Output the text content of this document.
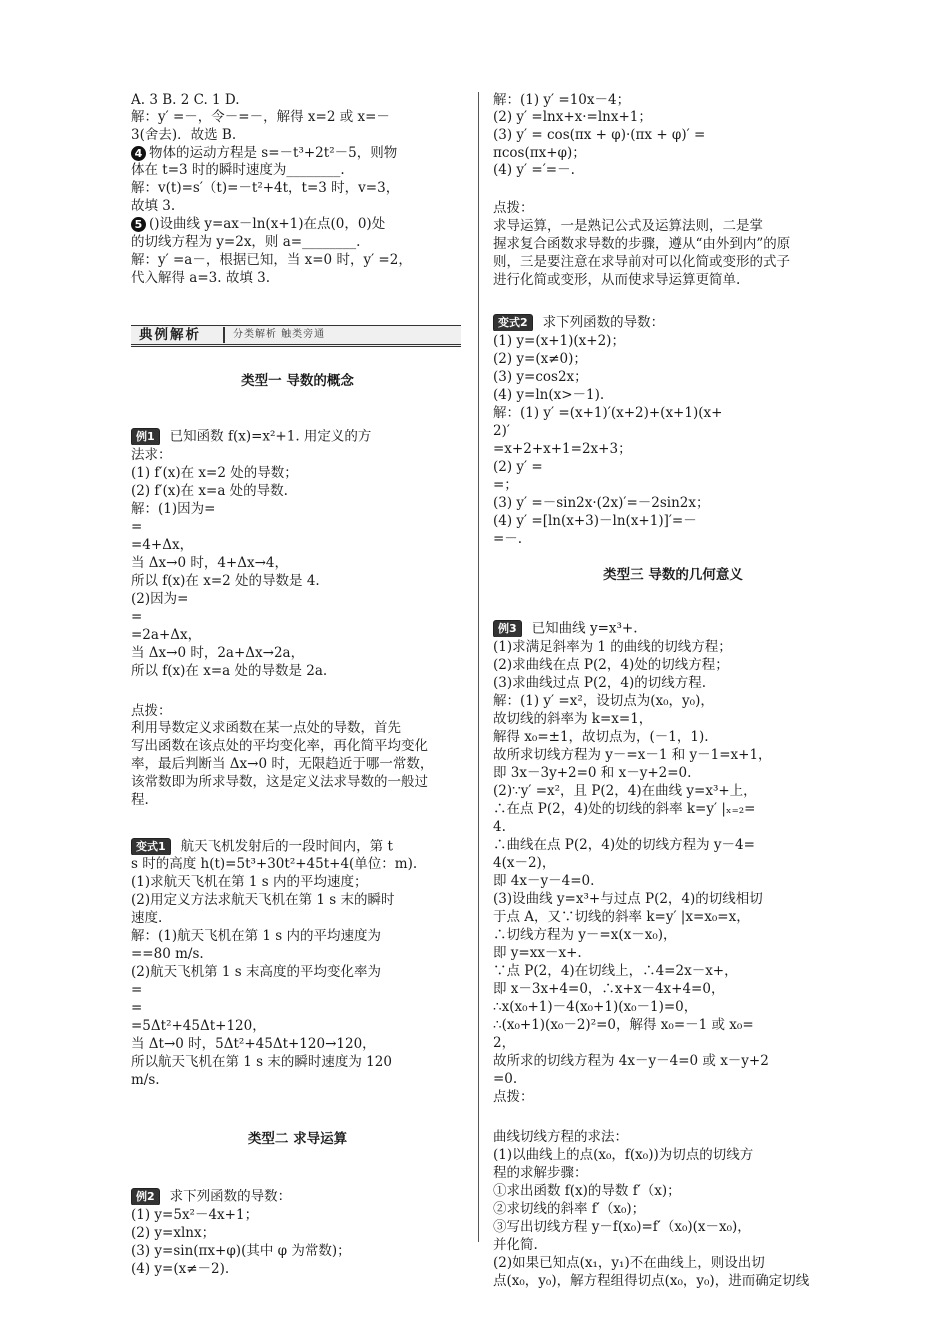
A. 3 B. 2 C. 1 D.
解：y′ =－，令－=－，解得 x=2 或 x=－
3(舍去)．故选 B.
4 物体的运动方程是 s=－t³+2t²－5，则物
体在 t=3 时的瞬时速度为________.
解：v(t)=s′（t)=－t²+4t，t=3 时，v=3，
故填 3.
5 ()设曲线 y=ax－ln(x+1)在点(0，0)处
的切线方程为 y=2x，则 a=________.
解：y′ =a－，根据已知，当 x=0 时，y′ =2，
代入解得 a=3. 故填 3.
典例解析	分类解析 触类旁通
类型一 导数的概念
例1 已知函数 f(x)=x²+1. 用定义的方
法求：
(1) f′(x)在 x=2 处的导数；
(2) f′(x)在 x=a 处的导数.
解：(1)因为=
=
=4+Δx，
当 Δx→0 时，4+Δx→4，
所以 f(x)在 x=2 处的导数是 4.
(2)因为=
=
=2a+Δx，
当 Δx→0 时，2a+Δx→2a，
所以 f(x)在 x=a 处的导数是 2a.
点拨：
利用导数定义求函数在某一点处的导数，首先
写出函数在该点处的平均变化率，再化简平均变化
率，最后判断当 Δx→0 时，无限趋近于哪一常数，
该常数即为所求导数，这是定义法求导数的一般过
程.
变式1 航天飞机发射后的一段时间内，第 t
s 时的高度 h(t)=5t³+30t²+45t+4(单位：m).
(1)求航天飞机在第 1 s 内的平均速度；
(2)用定义方法求航天飞机在第 1 s 末的瞬时
速度.
解：(1)航天飞机在第 1 s 内的平均速度为
==80 m/s.
(2)航天飞机第 1 s 末高度的平均变化率为
=
=
=5Δt²+45Δt+120，
当 Δt→0 时，5Δt²+45Δt+120→120，
所以航天飞机在第 1 s 末的瞬时速度为 120
m/s.
类型二 求导运算
例2 求下列函数的导数：
(1) y=5x²－4x+1；
(2) y=xlnx；
(3) y=sin(πx+φ)(其中 φ 为常数)；
(4) y=(x≠－2).
解：(1) y′ =10x－4；
(2) y′ =lnx+x·=lnx+1；
(3) y′ = cos(πx + φ)·(πx + φ)′ =
πcos(πx+φ)；
(4) y′ =′=－.
点拨：
求导运算，一是熟记公式及运算法则，二是掌
握求复合函数求导数的步骤，遵从“由外到内”的原
则，三是要注意在求导前对可以化简或变形的式子
进行化简或变形，从而使求导运算更简单.
变式2 求下列函数的导数：
(1) y=(x+1)(x+2)；
(2) y=(x≠0)；
(3) y=cos2x；
(4) y=ln(x>－1).
解：(1) y′ =(x+1)′(x+2)+(x+1)(x+
2)′
=x+2+x+1=2x+3；
(2) y′ =
=；
(3) y′ =－sin2x·(2x)′=－2sin2x；
(4) y′ =[ln(x+3)－ln(x+1)]′=－
=－.
类型三 导数的几何意义
例3 已知曲线 y=x³+.
(1)求满足斜率为 1 的曲线的切线方程；
(2)求曲线在点 P(2，4)处的切线方程；
(3)求曲线过点 P(2，4)的切线方程.
解：(1) y′ =x²，设切点为(x₀，y₀)，
故切线的斜率为 k=x=1，
解得 x₀=±1，故切点为，(－1，1).
故所求切线方程为 y－=x－1 和 y－1=x+1，
即 3x－3y+2=0 和 x－y+2=0.
(2)∵y′ =x²，且 P(2，4)在曲线 y=x³+上，
∴在点 P(2，4)处的切线的斜率 k=y′ |ₓ₌₂=
4.
∴曲线在点 P(2，4)处的切线方程为 y－4=
4(x－2)，
即 4x－y－4=0.
(3)设曲线 y=x³+与过点 P(2，4)的切线相切
于点 A，又∵切线的斜率 k=y′ |x=x₀=x，
∴切线方程为 y－=x(x－x₀)，
即 y=xx－x+.
∵点 P(2，4)在切线上，∴4=2x－x+，
即 x－3x+4=0，∴x+x－4x+4=0，
∴x(x₀+1)－4(x₀+1)(x₀－1)=0，
∴(x₀+1)(x₀－2)²=0，解得 x₀=－1 或 x₀=
2，
故所求的切线方程为 4x－y－4=0 或 x－y+2
=0.
点拨：
曲线切线方程的求法：
(1)以曲线上的点(x₀，f(x₀))为切点的切线方
程的求解步骤：
①求出函数 f(x)的导数 f′（x)；
②求切线的斜率 f′（x₀)；
③写出切线方程 y－f(x₀)=f′（x₀)(x－x₀)，
并化简.
(2)如果已知点(x₁，y₁)不在曲线上，则设出切
点(x₀，y₀)，解方程组得切点(x₀，y₀)，进而确定切线
